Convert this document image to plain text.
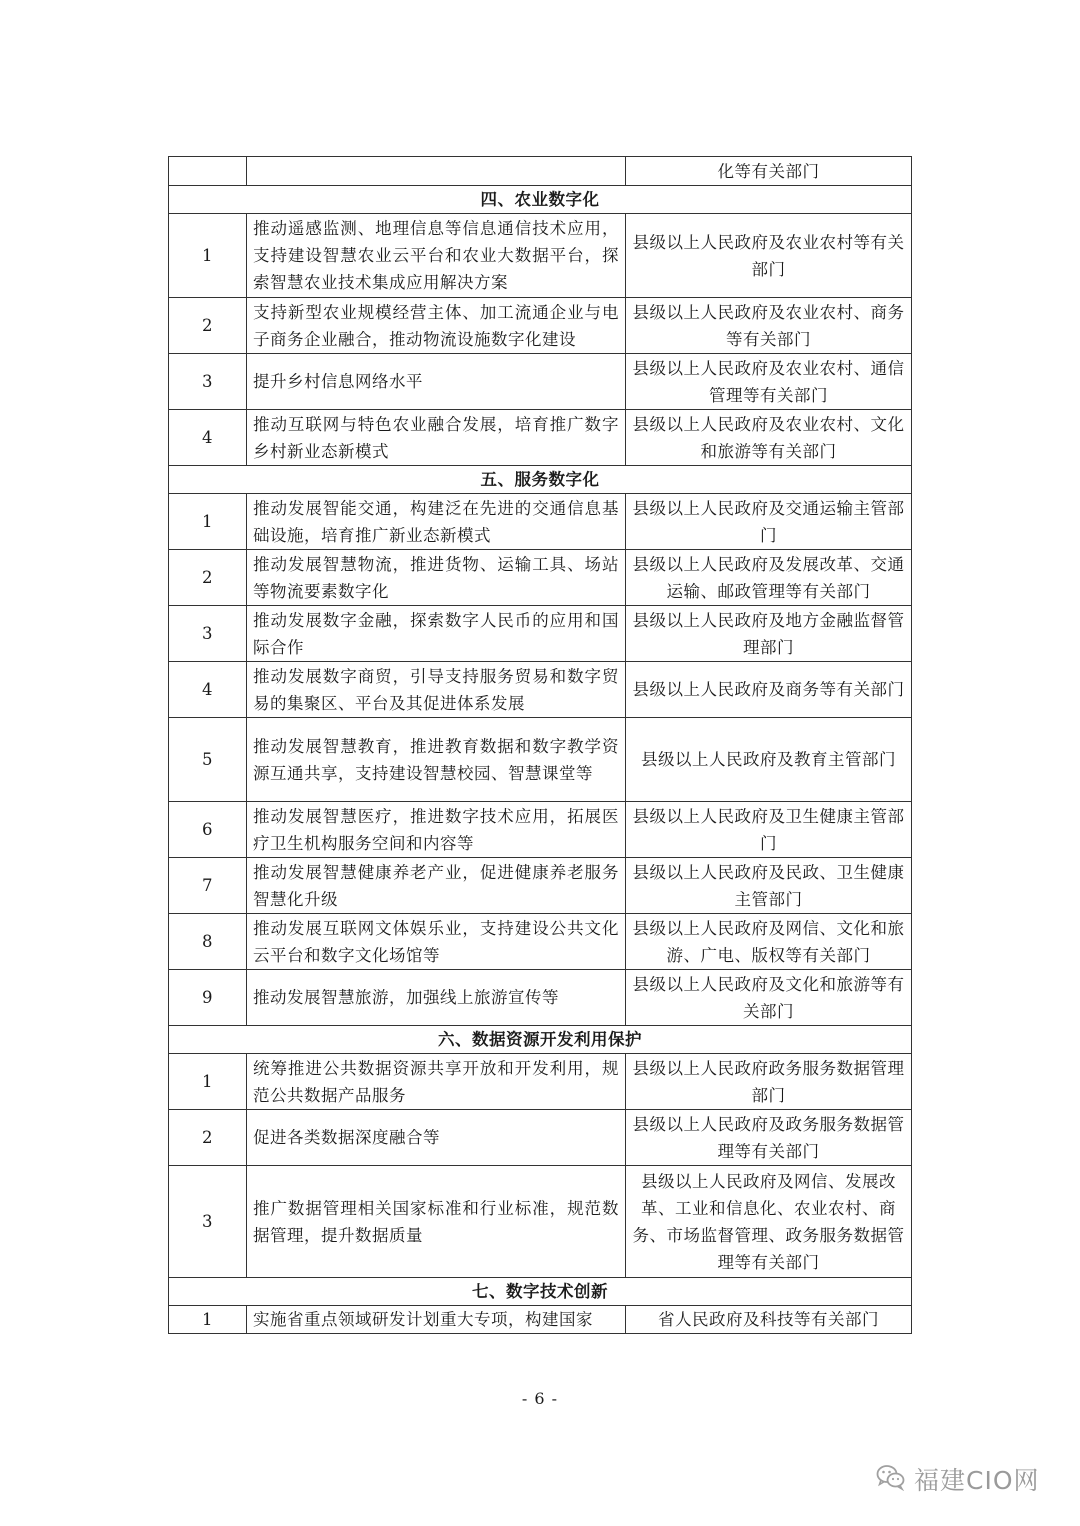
		化等有关部门
四、农业数字化		
1	推动遥感监测、地理信息等信息通信技术应用，支持建设智慧农业云平台和农业大数据平台，探索智慧农业技术集成应用解决方案	县级以上人民政府及农业农村等有关部门
2	支持新型农业规模经营主体、加工流通企业与电子商务企业融合，推动物流设施数字化建设	县级以上人民政府及农业农村、商务等有关部门
3	提升乡村信息网络水平	县级以上人民政府及农业农村、通信管理等有关部门
4	推动互联网与特色农业融合发展，培育推广数字乡村新业态新模式	县级以上人民政府及农业农村、文化和旅游等有关部门
五、服务数字化		
1	推动发展智能交通，构建泛在先进的交通信息基础设施，培育推广新业态新模式	县级以上人民政府及交通运输主管部门
2	推动发展智慧物流，推进货物、运输工具、场站等物流要素数字化	县级以上人民政府及发展改革、交通运输、邮政管理等有关部门
3	推动发展数字金融，探索数字人民币的应用和国际合作	县级以上人民政府及地方金融监督管理部门
4	推动发展数字商贸，引导支持服务贸易和数字贸易的集聚区、平台及其促进体系发展	县级以上人民政府及商务等有关部门
5	推动发展智慧教育，推进教育数据和数字教学资源互通共享，支持建设智慧校园、智慧课堂等	县级以上人民政府及教育主管部门
6	推动发展智慧医疗，推进数字技术应用，拓展医疗卫生机构服务空间和内容等	县级以上人民政府及卫生健康主管部门
7	推动发展智慧健康养老产业，促进健康养老服务智慧化升级	县级以上人民政府及民政、卫生健康主管部门
8	推动发展互联网文体娱乐业，支持建设公共文化云平台和数字文化场馆等	县级以上人民政府及网信、文化和旅游、广电、版权等有关部门
9	推动发展智慧旅游，加强线上旅游宣传等	县级以上人民政府及文化和旅游等有关部门
六、数据资源开发利用保护		
1	统筹推进公共数据资源共享开放和开发利用，规范公共数据产品服务	县级以上人民政府政务服务数据管理部门
2	促进各类数据深度融合等	县级以上人民政府及政务服务数据管理等有关部门
3	推广数据管理相关国家标准和行业标准，规范数据管理，提升数据质量	县级以上人民政府及网信、发展改革、工业和信息化、农业农村、商务、市场监督管理、政务服务数据管理等有关部门
七、数字技术创新		
1	实施省重点领域研发计划重大专项，构建国家	省人民政府及科技等有关部门
- 6 -
福建CIO网
